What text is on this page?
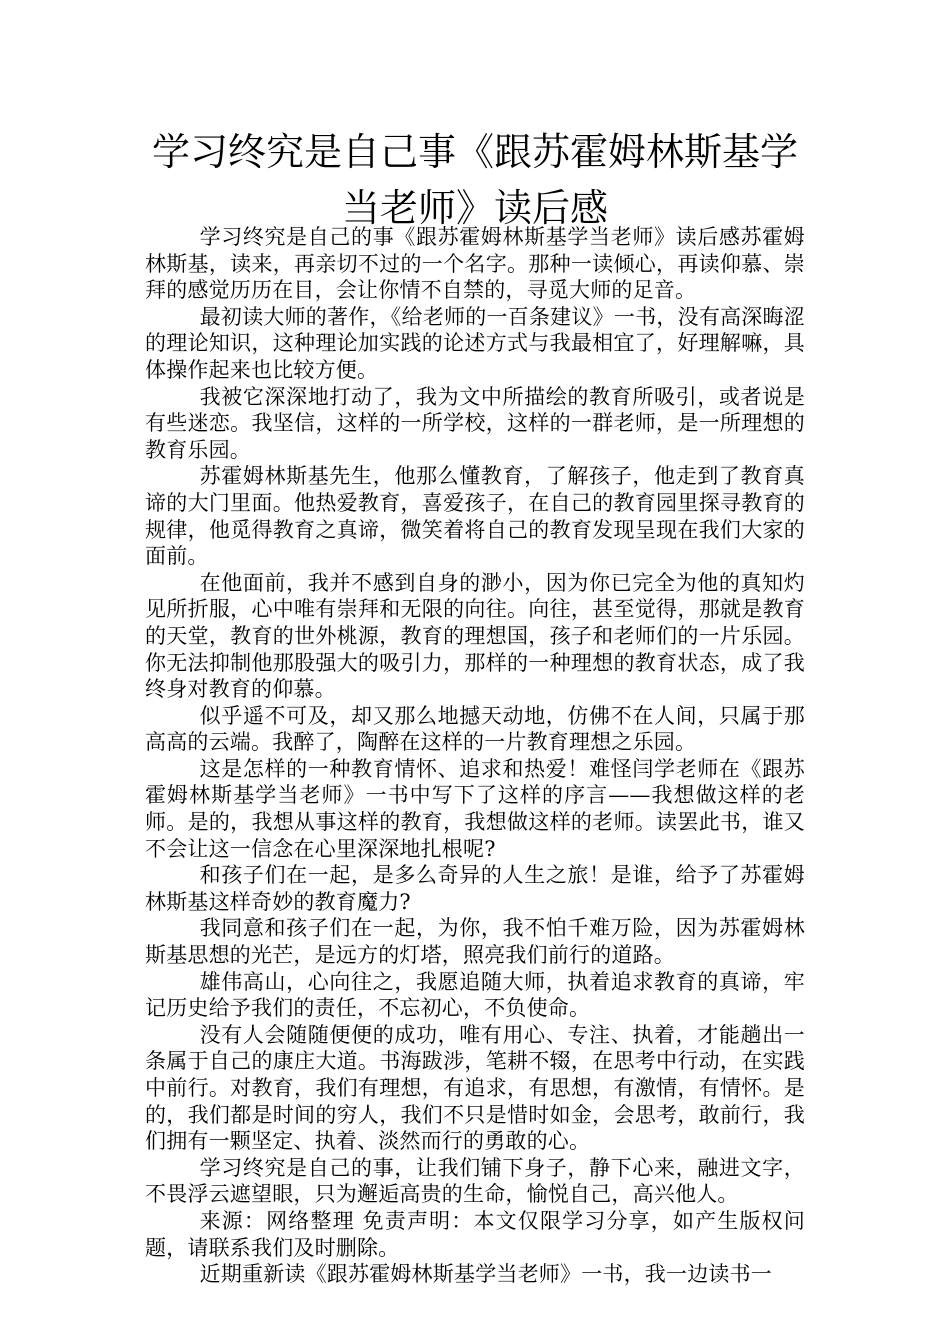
学习终究是自己事《跟苏霍姆林斯基学当老师》读后感

学习终究是自己的事《跟苏霍姆林斯基学当老师》读后感苏霍姆林斯基，读来，再亲切不过的一个名字。那种一读倾心，再读仰慕、崇拜的感觉历历在目，会让你情不自禁的，寻觅大师的足音。

最初读大师的著作，《给老师的一百条建议》一书，没有高深晦涩的理论知识，这种理论加实践的论述方式与我最相宜了，好理解嘛，具体操作起来也比较方便。

我被它深深地打动了，我为文中所描绘的教育所吸引，或者说是有些迷恋。我坚信，这样的一所学校，这样的一群老师，是一所理想的教育乐园。

苏霍姆林斯基先生，他那么懂教育，了解孩子，他走到了教育真谛的大门里面。他热爱教育，喜爱孩子，在自己的教育园里探寻教育的规律，他觅得教育之真谛，微笑着将自己的教育发现呈现在我们大家的面前。

在他面前，我并不感到自身的渺小，因为你已完全为他的真知灼见所折服，心中唯有崇拜和无限的向往。向往，甚至觉得，那就是教育的天堂，教育的世外桃源，教育的理想国，孩子和老师们的一片乐园。你无法抑制他那股强大的吸引力，那样的一种理想的教育状态，成了我终身对教育的仰慕。

似乎遥不可及，却又那么地撼天动地，仿佛不在人间，只属于那高高的云端。我醉了，陶醉在这样的一片教育理想之乐园。

这是怎样的一种教育情怀、追求和热爱！难怪闫学老师在《跟苏霍姆林斯基学当老师》一书中写下了这样的序言——我想做这样的老师。是的，我想从事这样的教育，我想做这样的老师。读罢此书，谁又不会让这一信念在心里深深地扎根呢?

和孩子们在一起，是多么奇异的人生之旅！是谁，给予了苏霍姆林斯基这样奇妙的教育魔力?

我同意和孩子们在一起，为你，我不怕千难万险，因为苏霍姆林斯基思想的光芒，是远方的灯塔，照亮我们前行的道路。

雄伟高山，心向往之，我愿追随大师，执着追求教育的真谛，牢记历史给予我们的责任，不忘初心，不负使命。

没有人会随随便便的成功，唯有用心、专注、执着，才能趟出一条属于自己的康庄大道。书海跋涉，笔耕不辍，在思考中行动，在实践中前行。对教育，我们有理想，有追求，有思想，有激情，有情怀。是的，我们都是时间的穷人，我们不只是惜时如金，会思考，敢前行，我们拥有一颗坚定、执着、淡然而行的勇敢的心。

学习终究是自己的事，让我们铺下身子，静下心来，融进文字，不畏浮云遮望眼，只为邂逅高贵的生命，愉悦自己，高兴他人。

来源：网络整理 免责声明：本文仅限学习分享，如产生版权问题，请联系我们及时删除。

近期重新读《跟苏霍姆林斯基学当老师》一书，我一边读书一
